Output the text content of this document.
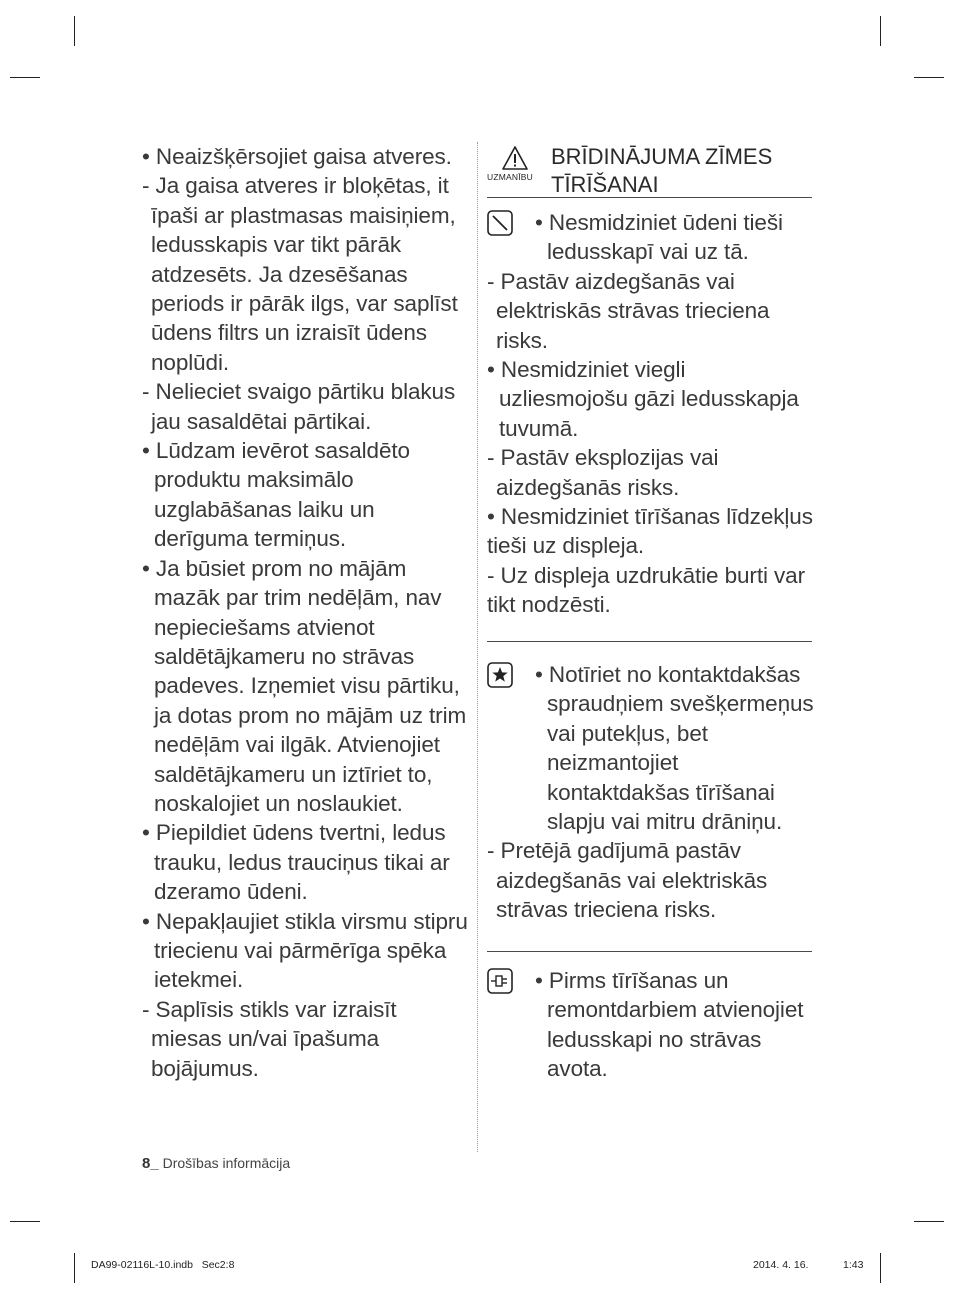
• Neaizšķērsojiet gaisa atveres.

- Ja gaisa atveres ir bloķētas, it īpaši ar plastmasas maisiņiem, ledusskapis var tikt pārāk atdzesēts. Ja dzesēšanas periods ir pārāk ilgs, var saplīst ūdens filtrs un izraisīt ūdens noplūdi.

- Nelieciet svaigo pārtiku blakus jau sasaldētai pārtikai.

• Lūdzam ievērot sasaldēto produktu maksimālo uzglabāšanas laiku un derīguma termiņus.

• Ja būsiet prom no mājām mazāk par trim nedēļām, nav nepieciešams atvienot saldētājkameru no strāvas padeves. Izņemiet visu pārtiku, ja dotas prom no mājām uz trim nedēļām vai ilgāk. Atvienojiet saldētājkameru un iztīriet to, noskalojiet un noslaukiet.

• Piepildiet ūdens tvertni, ledus trauku, ledus trauciņus tikai ar dzeramo ūdeni.

• Nepakļaujiet stikla virsmu stipru triecienu vai pārmērīga spēka ietekmei.

- Saplīsis stikls var izraisīt miesas un/vai īpašuma bojājumus.

UZMANĪBU
BRĪDINĀJUMA ZĪMES
TĪRĪŠANAI

• Nesmidziniet ūdeni tieši ledusskapī vai uz tā.

- Pastāv aizdegšanās vai elektriskās strāvas trieciena risks.

• Nesmidziniet viegli uzliesmojošu gāzi ledusskapja tuvumā.

- Pastāv eksplozijas vai aizdegšanās risks.

• Nesmidziniet tīrīšanas līdzekļus tieši uz displeja.

- Uz displeja uzdrukātie burti var tikt nodzēsti.

• Notīriet no kontaktdakšas spraudņiem svešķermeņus vai putekļus, bet neizmantojiet kontaktdakšas tīrīšanai slapju vai mitru drāniņu.

- Pretējā gadījumā pastāv aizdegšanās vai elektriskās strāvas trieciena risks.

• Pirms tīrīšanas un remontdarbiem atvienojiet ledusskapi no strāvas avota.

8_ Drošības informācija
DA99-02116L-10.indb   Sec2:8	2014. 4. 16.	1:43
